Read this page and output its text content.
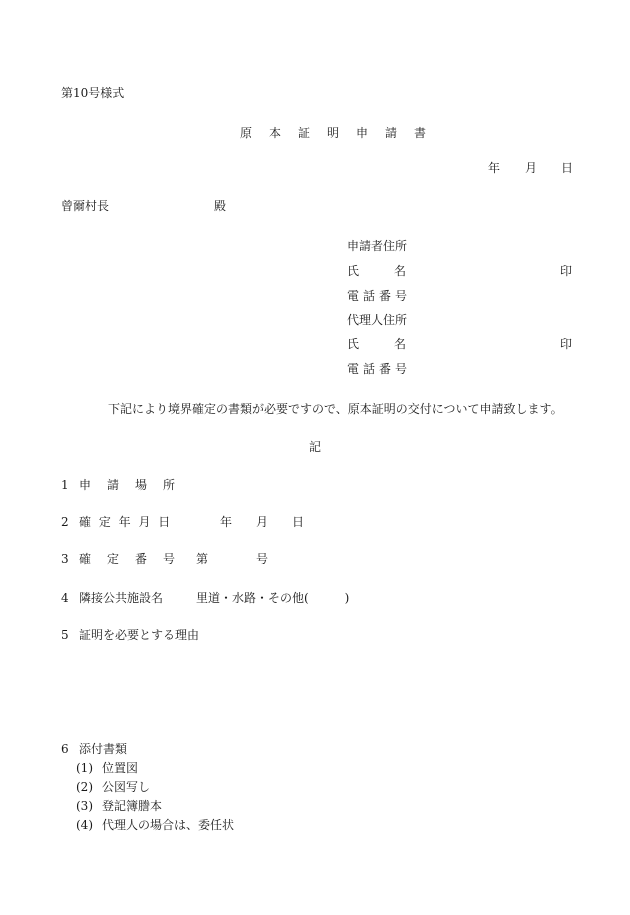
第10号様式
原本証明申請書
年 月 日
曾爾村長	殿
申請者住所
氏	名	印
電話番号
代理人住所
氏	名	印
電話番号
下記により境界確定の書類が必要ですので、原本証明の交付について申請致します。
記
1 申　請　場　所
2 確 定 年 月 日	年 月 日
3 確　定　番　号 第	号
4 隣接公共施設名	里道・水路・その他(　　　)
5 証明を必要とする理由
6 添付書類
(1) 位置図
(2) 公図写し
(3) 登記簿謄本
(4) 代理人の場合は、委任状
